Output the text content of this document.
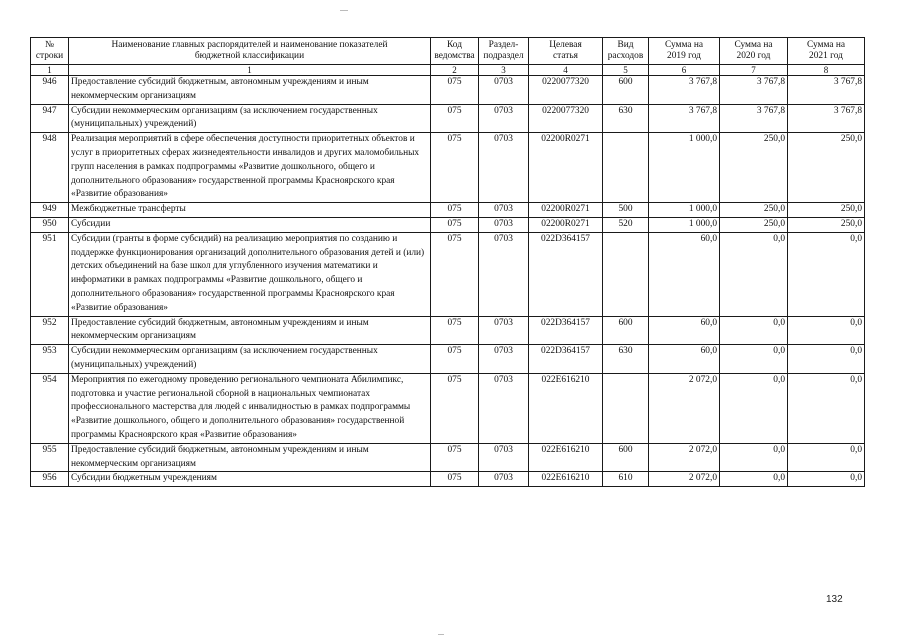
№ строки	Наименование главных распорядителей и наименование показателей бюджетной классификации	Код ведомства	Раздел-подраздел	Целевая статья	Вид расходов	Сумма на 2019 год	Сумма на 2020 год	Сумма на 2021 год
1	1	2	3	4	5	6	7	8
946	Предоставление субсидий бюджетным, автономным учреждениям и иным некоммерческим организациям	075	0703	0220077320	600	3 767,8	3 767,8	3 767,8
947	Субсидии некоммерческим организациям (за исключением государственных (муниципальных) учреждений)	075	0703	0220077320	630	3 767,8	3 767,8	3 767,8
948	Реализация мероприятий в сфере обеспечения доступности приоритетных объектов и услуг в приоритетных сферах жизнедеятельности инвалидов и других маломобильных групп населения в рамках подпрограммы «Развитие дошкольного, общего и дополнительного образования» государственной программы Красноярского края «Развитие образования»	075	0703	02200R0271		1 000,0	250,0	250,0
949	Межбюджетные трансферты	075	0703	02200R0271	500	1 000,0	250,0	250,0
950	Субсидии	075	0703	02200R0271	520	1 000,0	250,0	250,0
951	Субсидии (гранты в форме субсидий) на реализацию мероприятия по созданию и поддержке функционирования организаций дополнительного образования детей и (или) детских объединений на базе школ для углубленного изучения математики и информатики в рамках подпрограммы «Развитие дошкольного, общего и дополнительного образования» государственной программы Красноярского края «Развитие образования»	075	0703	022D364157		60,0	0,0	0,0
952	Предоставление субсидий бюджетным, автономным учреждениям и иным некоммерческим организациям	075	0703	022D364157	600	60,0	0,0	0,0
953	Субсидии некоммерческим организациям (за исключением государственных (муниципальных) учреждений)	075	0703	022D364157	630	60,0	0,0	0,0
954	Мероприятия по ежегодному проведению регионального чемпионата Абилимпикс, подготовка и участие региональной сборной в национальных чемпионатах профессионального мастерства для людей с инвалидностью в рамках подпрограммы «Развитие дошкольного, общего и дополнительного образования» государственной программы Красноярского края «Развитие образования»	075	0703	022E616210		2 072,0	0,0	0,0
955	Предоставление субсидий бюджетным, автономным учреждениям и иным некоммерческим организациям	075	0703	022E616210	600	2 072,0	0,0	0,0
956	Субсидии бюджетным учреждениям	075	0703	022E616210	610	2 072,0	0,0	0,0
132
